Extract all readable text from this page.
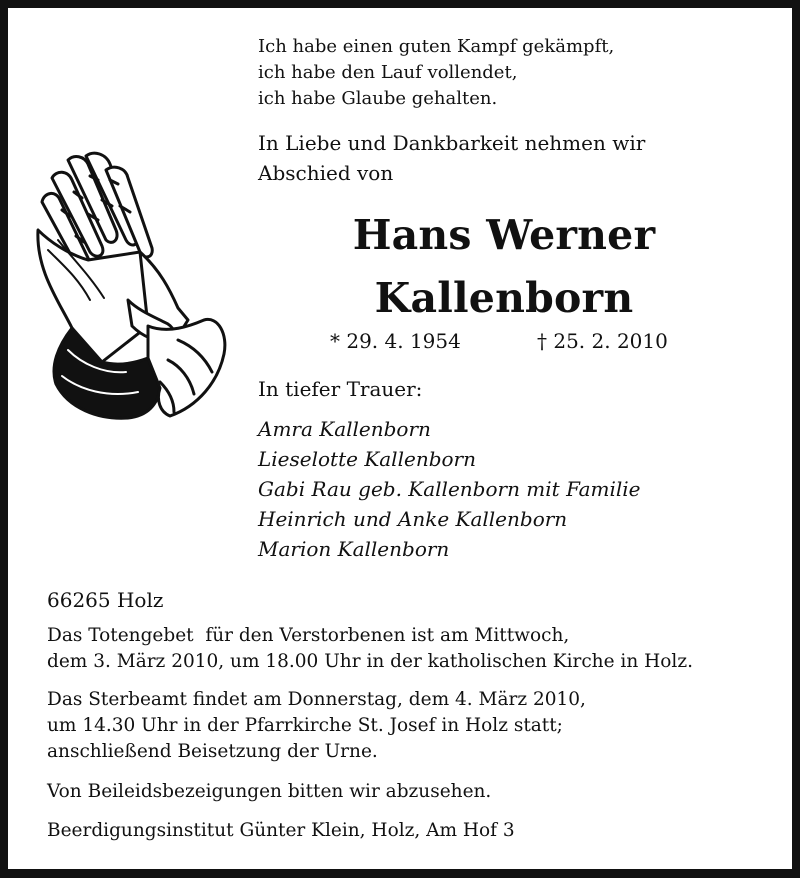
Ich habe einen guten Kampf gekämpft,
ich habe den Lauf vollendet,
ich habe Glaube gehalten.
In Liebe und Dankbarkeit nehmen wir
Abschied von
Hans Werner
Kallenborn
* 29. 4. 1954	† 25. 2. 2010
In tiefer Trauer:
Amra Kallenborn
Lieselotte Kallenborn
Gabi Rau geb. Kallenborn mit Familie
Heinrich und Anke Kallenborn
Marion Kallenborn
66265 Holz
Das Totengebet  für den Verstorbenen ist am Mittwoch,
dem 3. März 2010, um 18.00 Uhr in der katholischen Kirche in Holz.
Das Sterbeamt findet am Donnerstag, dem 4. März 2010,
um 14.30 Uhr in der Pfarrkirche St. Josef in Holz statt;
anschließend Beisetzung der Urne.
Von Beileidsbezeigungen bitten wir abzusehen.
Beerdigungsinstitut Günter Klein, Holz, Am Hof 3
